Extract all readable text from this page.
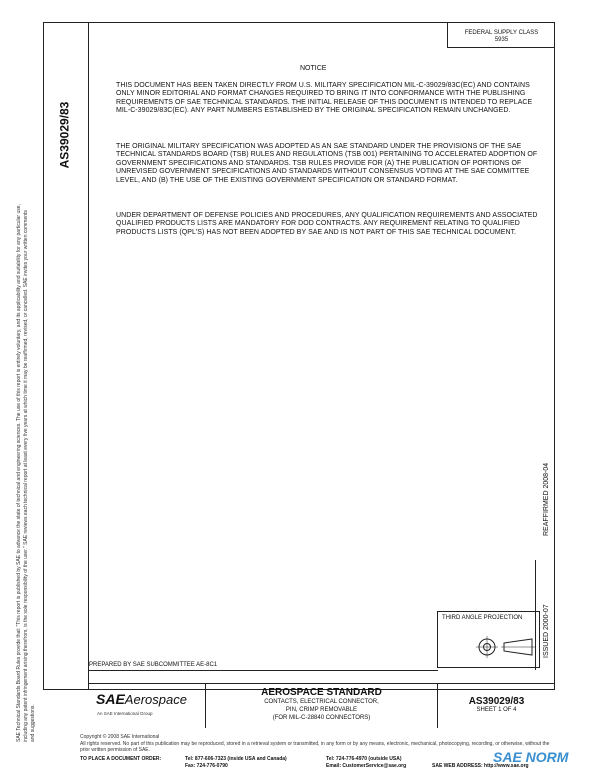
AS39029/83
SAE Technical Standards Board Rules provide that: "This report is published by SAE to advance the state of technical and engineering sciences. The use of this report is entirely voluntary, and its applicability and suitability for any particular use, including any patent infringement arising therefrom, is the sole responsibility of the user." SAE reviews each technical report at least every five years at which time it may be reaffirmed, revised, or cancelled. SAE invites your written comments and suggestions.
FEDERAL SUPPLY CLASS
5935
NOTICE
THIS DOCUMENT HAS BEEN TAKEN DIRECTLY FROM U.S. MILITARY SPECIFICATION MIL-C-39029/83C(EC) AND CONTAINS ONLY MINOR EDITORIAL AND FORMAT CHANGES REQUIRED TO BRING IT INTO CONFORMANCE WITH THE PUBLISHING REQUIREMENTS OF SAE TECHNICAL STANDARDS. THE INITIAL RELEASE OF THIS DOCUMENT IS INTENDED TO REPLACE MIL-C-39029/83C(EC). ANY PART NUMBERS ESTABLISHED BY THE ORIGINAL SPECIFICATION REMAIN UNCHANGED.
THE ORIGINAL MILITARY SPECIFICATION WAS ADOPTED AS AN SAE STANDARD UNDER THE PROVISIONS OF THE SAE TECHNICAL STANDARDS BOARD (TSB) RULES AND REGULATIONS (TSB 001) PERTAINING TO ACCELERATED ADOPTION OF GOVERNMENT SPECIFICATIONS AND STANDARDS. TSB RULES PROVIDE FOR (A) THE PUBLICATION OF PORTIONS OF UNREVISED GOVERNMENT SPECIFICATIONS AND STANDARDS WITHOUT CONSENSUS VOTING AT THE SAE COMMITTEE LEVEL, AND (B) THE USE OF THE EXISTING GOVERNMENT SPECIFICATION OR STANDARD FORMAT.
UNDER DEPARTMENT OF DEFENSE POLICIES AND PROCEDURES, ANY QUALIFICATION REQUIREMENTS AND ASSOCIATED QUALIFIED PRODUCTS LISTS ARE MANDATORY FOR DOD CONTRACTS. ANY REQUIREMENT RELATING TO QUALIFIED PRODUCTS LISTS (QPL'S) HAS NOT BEEN ADOPTED BY SAE AND IS NOT PART OF THIS SAE TECHNICAL DOCUMENT.
REAFFIRMED 2008-04
ISSUED 2000-07
THIRD ANGLE PROJECTION
PREPARED BY SAE SUBCOMMITTEE AE-8C1
SAEAerospace
An SAE International Group
AEROSPACE STANDARD
CONTACTS, ELECTRICAL CONNECTOR,
PIN, CRIMP REMOVABLE
(FOR MIL-C-28840 CONNECTORS)
AS39029/83
SHEET 1 OF 4
Copyright © 2008 SAE International
All rights reserved. No part of this publication may be reproduced, stored in a retrieval system or transmitted, in any form or by any means, electronic, mechanical, photocopying, recording, or otherwise, without the prior written permission of SAE.
TO PLACE A DOCUMENT ORDER:	Tel: 877-606-7323 (inside USA and Canada)	Tel: 724-776-4970 (outside USA)
Fax: 724-776-0790	Email: CustomerService@sae.org	SAE WEB ADDRESS: http://www.sae.org
SAE NORM
